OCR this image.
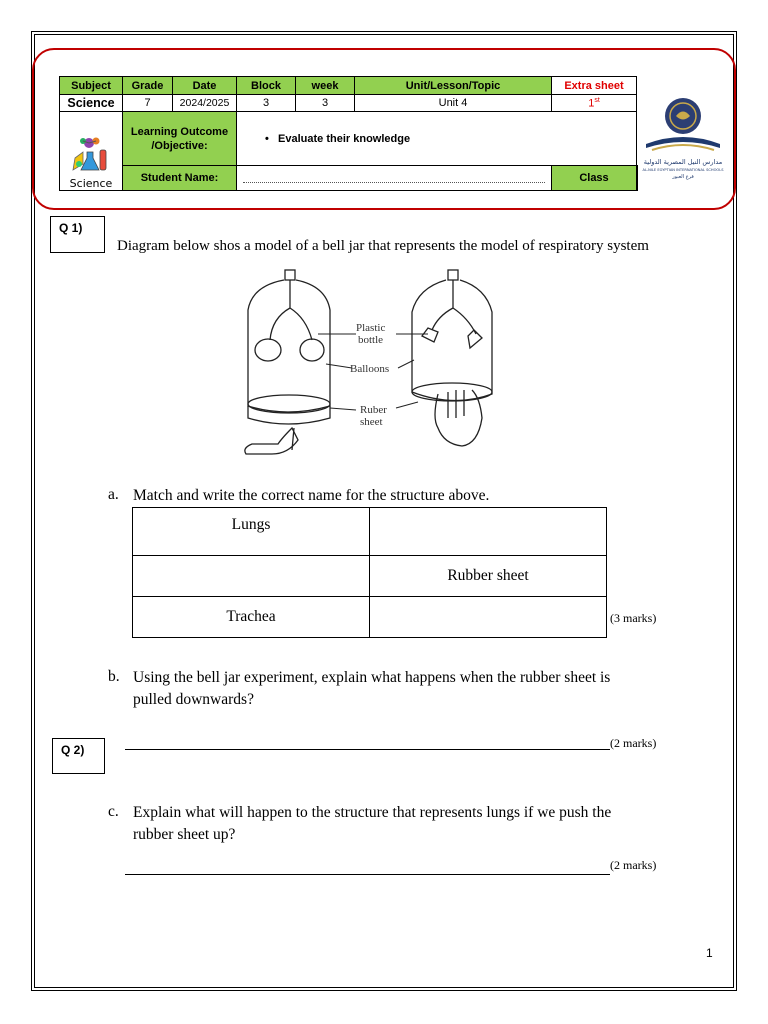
Subject	Grade	Date	Block	week	Unit/Lesson/Topic	Extra sheet	
Science	7	2024/2025	3	3	Unit 4	1st

Science	Learning Outcome /Objective:		•   Evaluate their knowledge				
	Student Name:					Class	
مدارس النيل المصرية الدولية
AL-NILE EGYPTIAN INTERNATIONAL SCHOOLS
فرع العبور
Q 1)
Diagram below shos a model of a bell jar that represents the model of respiratory system
Plastic
bottle
Balloons
Ruber
sheet
a. Match and write the correct name for the structure above.
Lungs	
	Rubber sheet
Trachea		(3 marks)
b. Using the bell jar experiment, explain what happens when the rubber sheet is
pulled downwards?
(2 marks)
Q 2)
c. Explain what will happen to the structure that represents lungs if we push the
rubber sheet up?
(2 marks)
1
